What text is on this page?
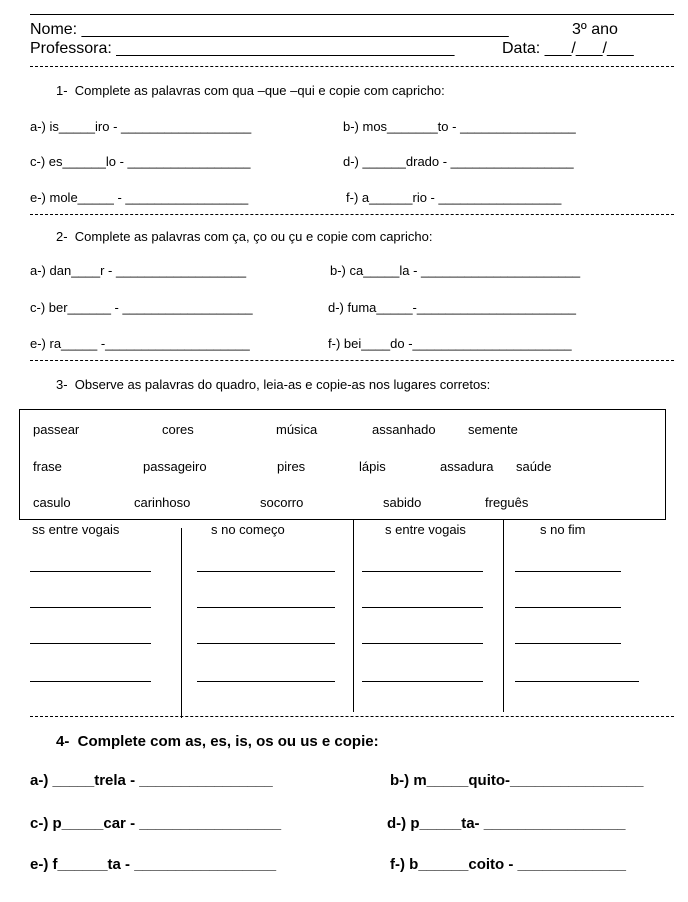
Nome: ________________________________________________	3º ano
Professora: ______________________________________	Data: ___/___/___
1-  Complete as palavras com qua –que –qui e copie com capricho:
a-) is_____iro - __________________	b-) mos_______to - ________________
c-) es______lo - _________________	d-) ______drado - _________________
e-) mole_____ - _________________	f-) a______rio - _________________
2-  Complete as palavras com ça, ço ou çu e copie com capricho:
a-) dan____r - __________________	b-) ca_____la - ______________________
c-) ber______ - __________________	d-) fuma_____-______________________
e-) ra_____ -____________________	f-) bei____do -______________________
3-  Observe as palavras do quadro, leia-as e copie-as nos lugares corretos:
passear	cores	música	assanhado semente
frase	passageiro	pires	lápis	assadura saúde
casulo	carinhoso	socorro	sabido	freguês
ss entre vogais	s no começo	s entre vogais	s no fim
4-  Complete com as, es, is, os ou us e copie:
a-) _____trela - ________________	b-) m_____quito-________________
c-) p_____car - _________________	d-) p_____ta- _________________
e-) f______ta - _________________	f-) b______coito - _____________
